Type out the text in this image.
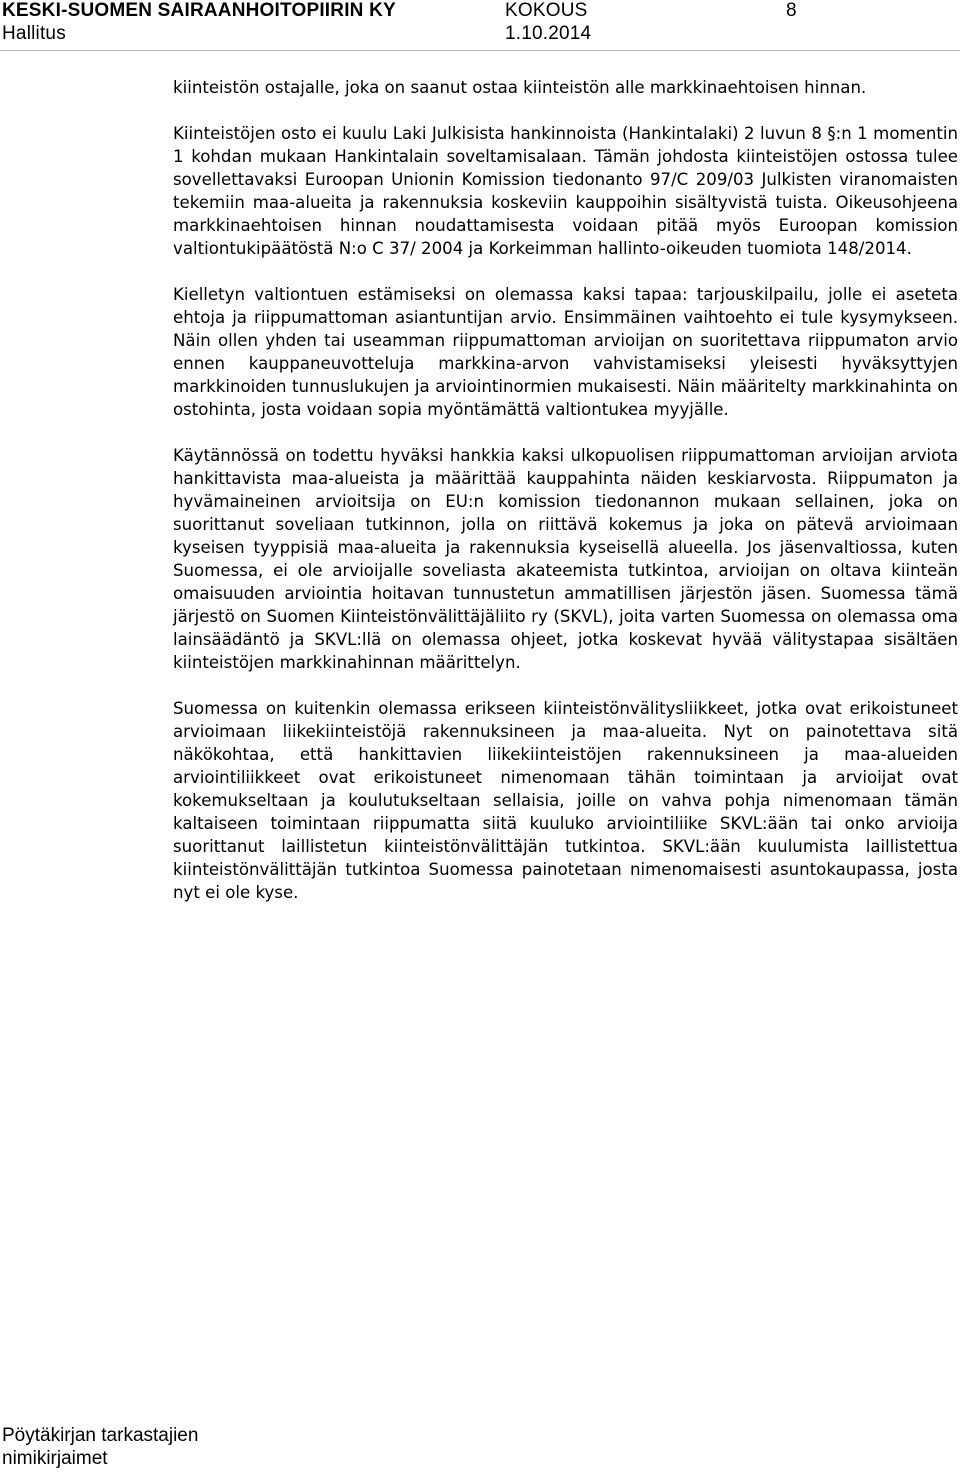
KESKI-SUOMEN SAIRAANHOITOPIIRIN KY	KOKOUS	8
Hallitus	1.10.2014

kiinteistön ostajalle, joka on saanut ostaa kiinteistön alle markkinaehtoisen hinnan.

Kiinteistöjen osto ei kuulu Laki Julkisista hankinnoista (Hankintalaki) 2 luvun 8 §:n 1 momentin 1 kohdan mukaan Hankintalain soveltamisalaan. Tämän johdosta kiinteistöjen ostossa tulee sovellettavaksi Euroopan Unionin Komission tiedonanto 97/C 209/03 Julkisten viranomaisten tekemiin maa-alueita ja rakennuksia koskeviin kauppoihin sisältyvistä tuista. Oikeusohjeena markkinaehtoisen hinnan noudattamisesta voidaan pitää myös Euroopan komission valtiontukipäätöstä N:o C 37/ 2004 ja Korkeimman hallinto-oikeuden tuomiota 148/2014.

Kielletyn valtiontuen estämiseksi on olemassa kaksi tapaa: tarjouskilpailu, jolle ei aseteta ehtoja ja riippumattoman asiantuntijan arvio. Ensimmäinen vaihtoehto ei tule kysymykseen. Näin ollen yhden tai useamman riippumattoman arvioijan on suoritettava riippumaton arvio ennen kauppaneuvotteluja markkina-arvon vahvistamiseksi yleisesti hyväksyttyjen markkinoiden tunnuslukujen ja arviointinormien mukaisesti. Näin määritelty markkinahinta on ostohinta, josta voidaan sopia myöntämättä valtiontukea myyjälle.

Käytännössä on todettu hyväksi hankkia kaksi ulkopuolisen riippumattoman arvioijan arviota hankittavista maa-alueista ja määrittää kauppahinta näiden keskiarvosta. Riippumaton ja hyvämaineinen arvioitsija on EU:n komission tiedonannon mukaan sellainen, joka on suorittanut soveliaan tutkinnon, jolla on riittävä kokemus ja joka on pätevä arvioimaan kyseisen tyyppisiä maa-alueita ja rakennuksia kyseisellä alueella. Jos jäsenvaltiossa, kuten Suomessa, ei ole arvioijalle soveliasta akateemista tutkintoa, arvioijan on oltava kiinteän omaisuuden arviointia hoitavan tunnustetun ammatillisen järjestön jäsen. Suomessa tämä järjestö on Suomen Kiinteistönvälittäjäliito ry (SKVL), joita varten Suomessa on olemassa oma lainsäädäntö ja SKVL:llä on olemassa ohjeet, jotka koskevat hyvää välitystapaa sisältäen kiinteistöjen markkinahinnan määrittelyn.

Suomessa on kuitenkin olemassa erikseen kiinteistönvälitysliikkeet, jotka ovat erikoistuneet arvioimaan liikekiinteistöjä rakennuksineen ja maa-alueita. Nyt on painotettava sitä näkökohtaa, että hankittavien liikekiinteistöjen rakennuksineen ja maa-alueiden arviointiliikkeet ovat erikoistuneet nimenomaan tähän toimintaan ja arvioijat ovat kokemukseltaan ja koulutukseltaan sellaisia, joille on vahva pohja nimenomaan tämän kaltaiseen toimintaan riippumatta siitä kuuluko arviointiliike SKVL:ään tai onko arvioija suorittanut laillistetun kiinteistönvälittäjän tutkintoa. SKVL:ään kuulumista laillistettua kiinteistönvälittäjän tutkintoa Suomessa painotetaan nimenomaisesti asuntokaupassa, josta nyt ei ole kyse.

Pöytäkirjan tarkastajien
nimikirjaimet
